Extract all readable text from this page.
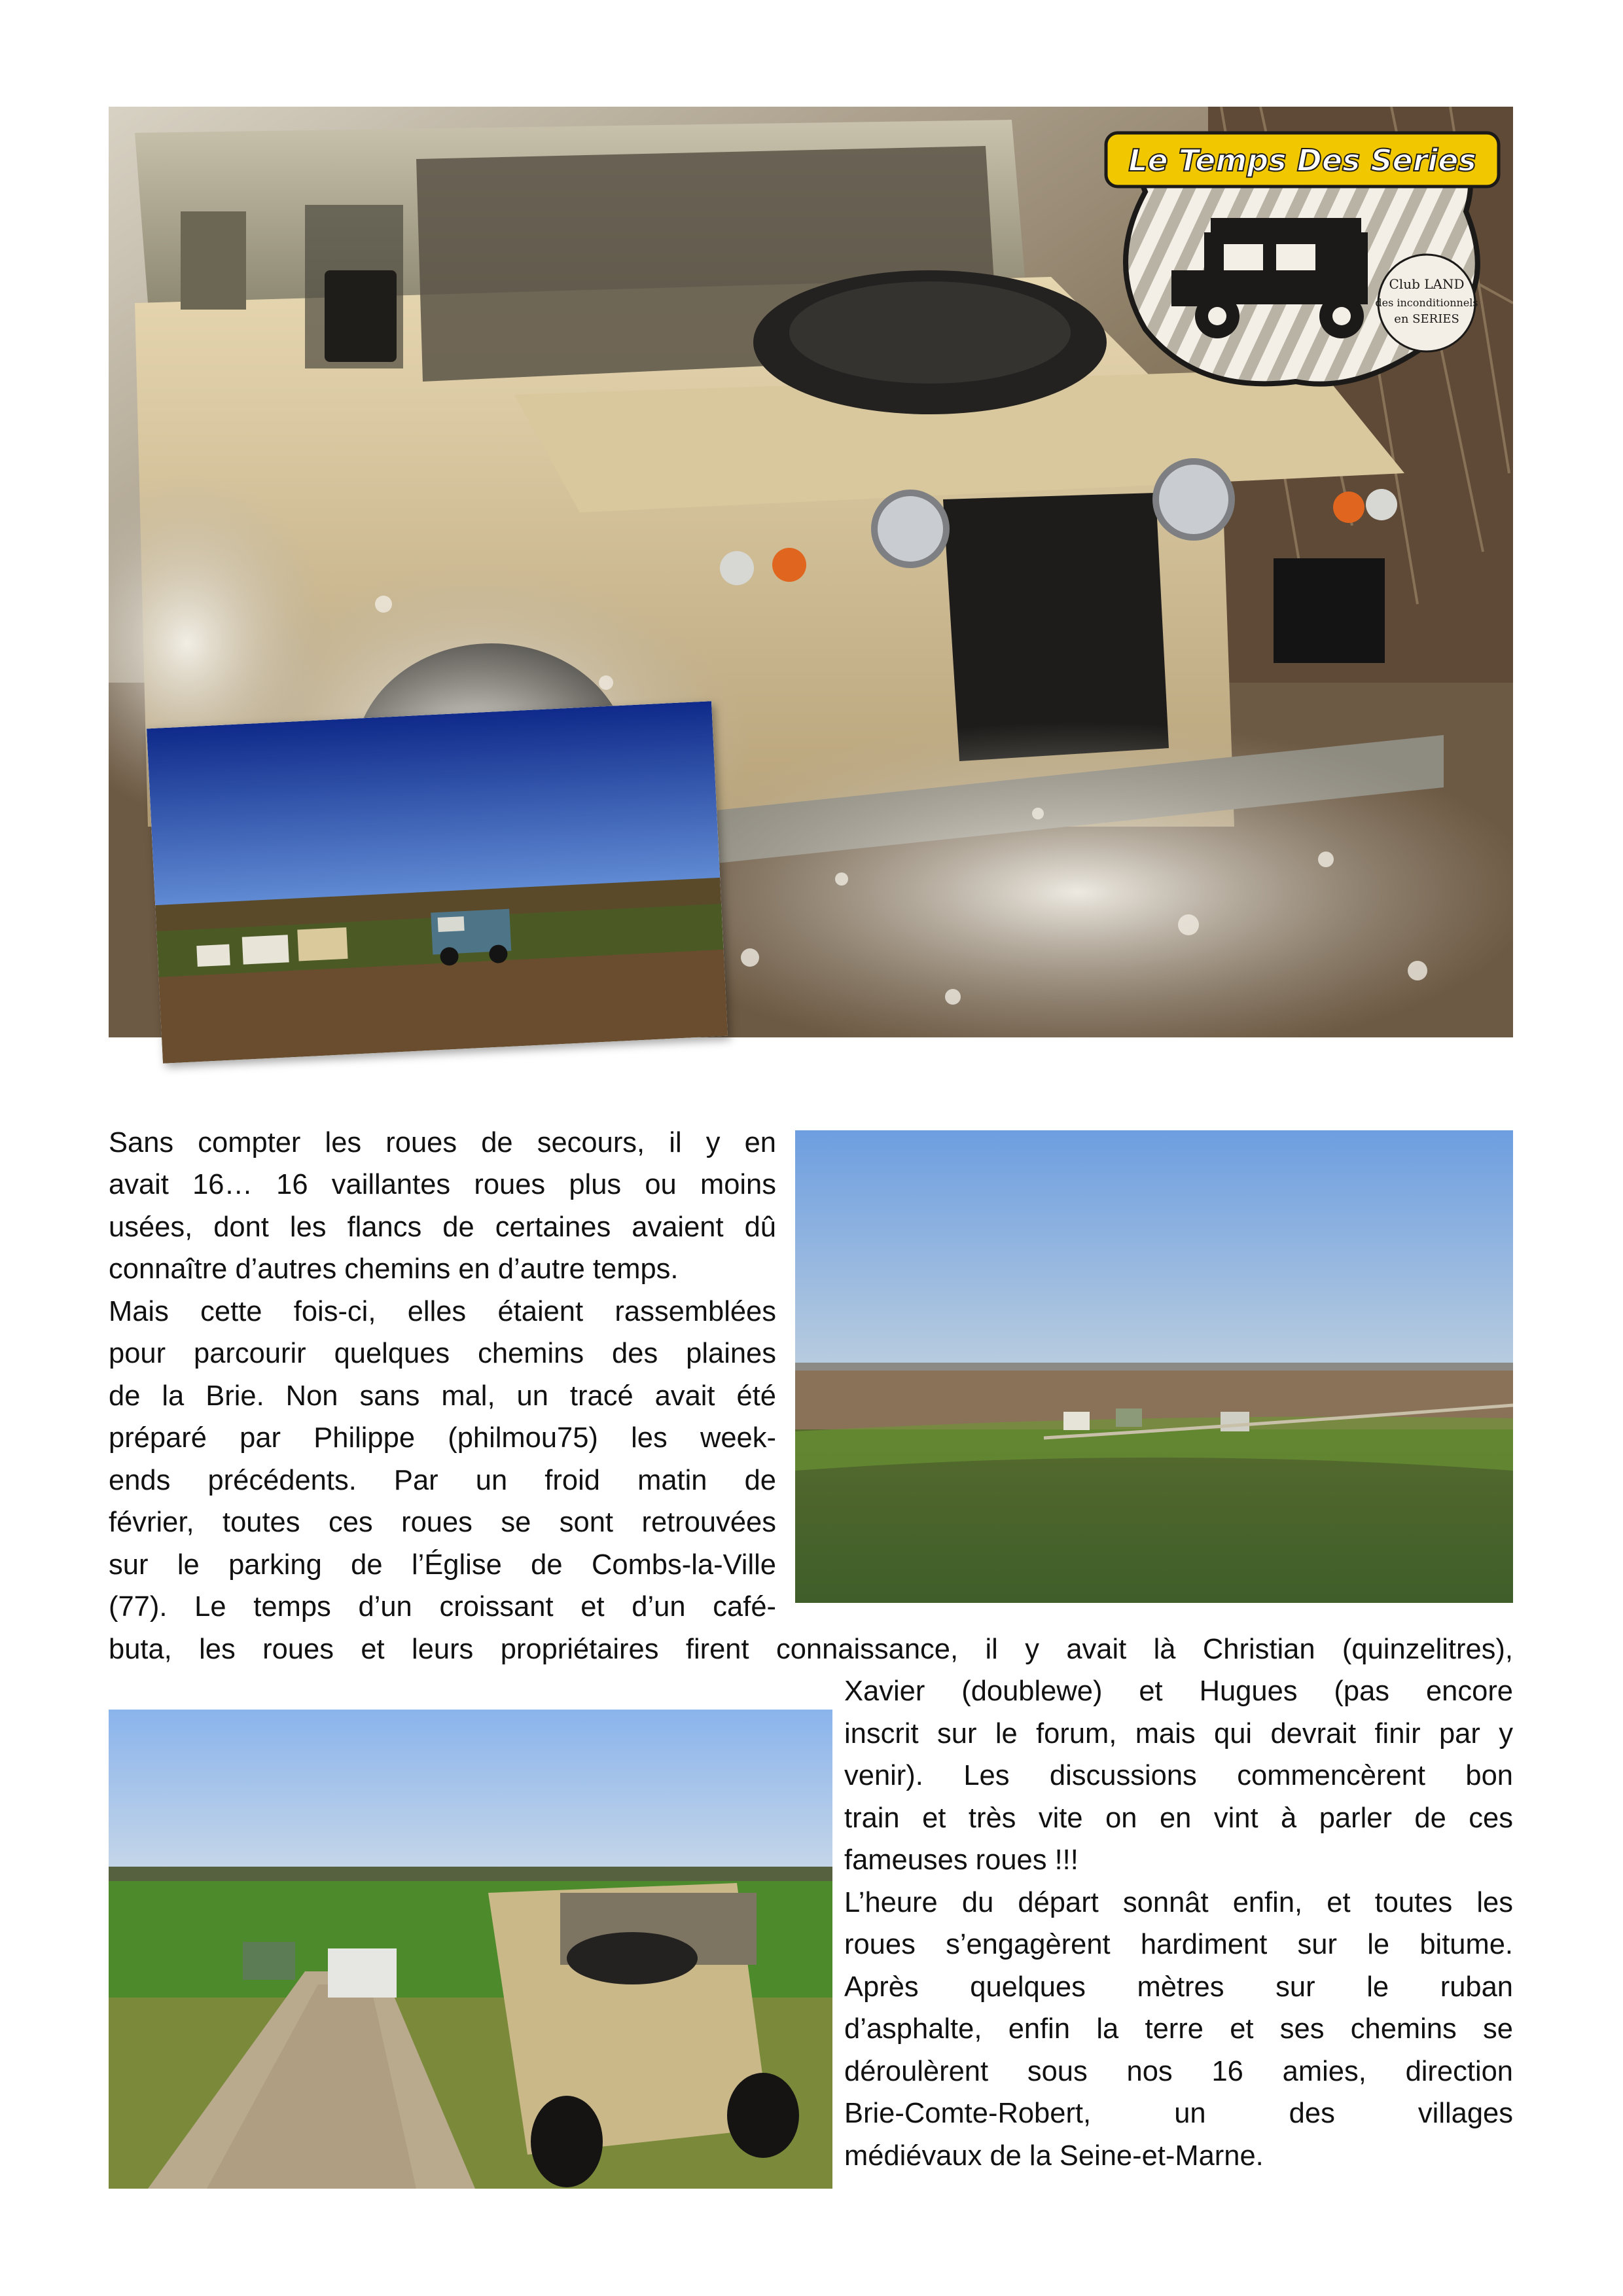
Le Temps Des Series
Club LAND
des inconditionnels
en SERIES

Sans compter les roues de secours, il y en

avait 16… 16 vaillantes roues plus ou moins

usées, dont les flancs de certaines avaient dû

connaître d’autres chemins en d’autre temps.

Mais cette fois-ci, elles étaient rassemblées

pour parcourir quelques chemins des plaines

de la Brie. Non sans mal, un tracé avait été

préparé par Philippe (philmou75) les week-

ends précédents. Par un froid matin de

février, toutes ces roues se sont retrouvées

sur le parking de l’Église de Combs-la-Ville

(77). Le temps d’un croissant et d’un café-

buta, les roues et leurs propriétaires firent connaissance, il y avait là Christian (quinzelitres),

Xavier (doublewe) et Hugues (pas encore

inscrit sur le forum, mais qui devrait finir par y

venir). Les discussions commencèrent bon

train et très vite on en vint à parler de ces

fameuses roues !!!

L’heure du départ sonnât enfin, et toutes les

roues s’engagèrent hardiment sur le bitume.

Après quelques mètres sur le ruban

d’asphalte, enfin la terre et ses chemins se

déroulèrent sous nos 16 amies, direction

Brie-Comte-Robert, un des villages

médiévaux de la Seine-et-Marne.
